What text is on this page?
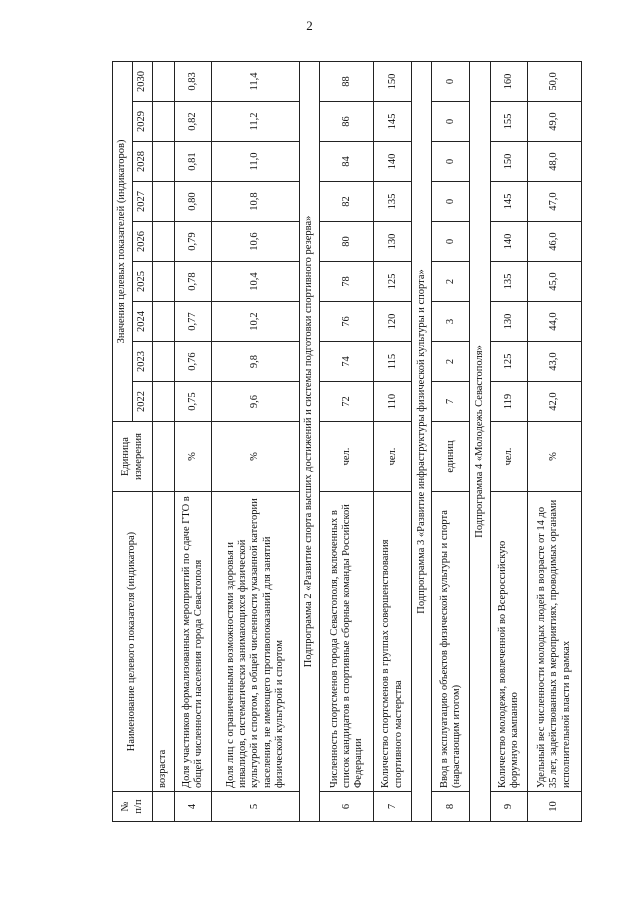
2
№
п/п	Наименование целевого показателя (индикатора)	Единица измерения	Значения целевых показателей (индикаторов)								
			2022	2023	2024	2025	2026	2027	2028	2029	2030
	возраста										
4	Доля участников формализованных мероприятий по сдаче ГТО в общей численности населения города Севастополя	%	0,75	0,76	0,77	0,78	0,79	0,80	0,81	0,82	0,83
5	Доля лиц с ограниченными возможностями здоровья и инвалидов, систематически занимающихся физической культурой и спортом, в общей численности указанной категории населения, не имеющего противопоказаний для занятий физической культурой и спортом	%	9,6	9,8	10,2	10,4	10,6	10,8	11,0	11,2	11,4
Подпрограмма 2 «Развитие спорта высших достижений и системы подготовки спортивного резерва»											
6	Численность спортсменов города Севастополя, включенных в список кандидатов в спортивные сборные команды Российской Федерации	чел.	72	74	76	78	80	82	84	86	88
7	Количество спортсменов в группах совершенствования спортивного мастерства	чел.	110	115	120	125	130	135	140	145	150
Подпрограмма 3 «Развитие инфраструктуры физической культуры и спорта»											
8	Ввод в эксплуатацию объектов физической культуры и спорта (нарастающим итогом)	единиц	7	2	3	2	0	0	0	0	0
Подпрограмма 4 «Молодежь Севастополя»											
9	Количество молодежи, вовлеченной во Всероссийскую форумную кампанию	чел.	119	125	130	135	140	145	150	155	160
10	Удельный вес численности молодых людей в возрасте от 14 до 35 лет, задействованных в мероприятиях, проводимых органами исполнительной власти в рамках	%	42,0	43,0	44,0	45,0	46,0	47,0	48,0	49,0	50,0
